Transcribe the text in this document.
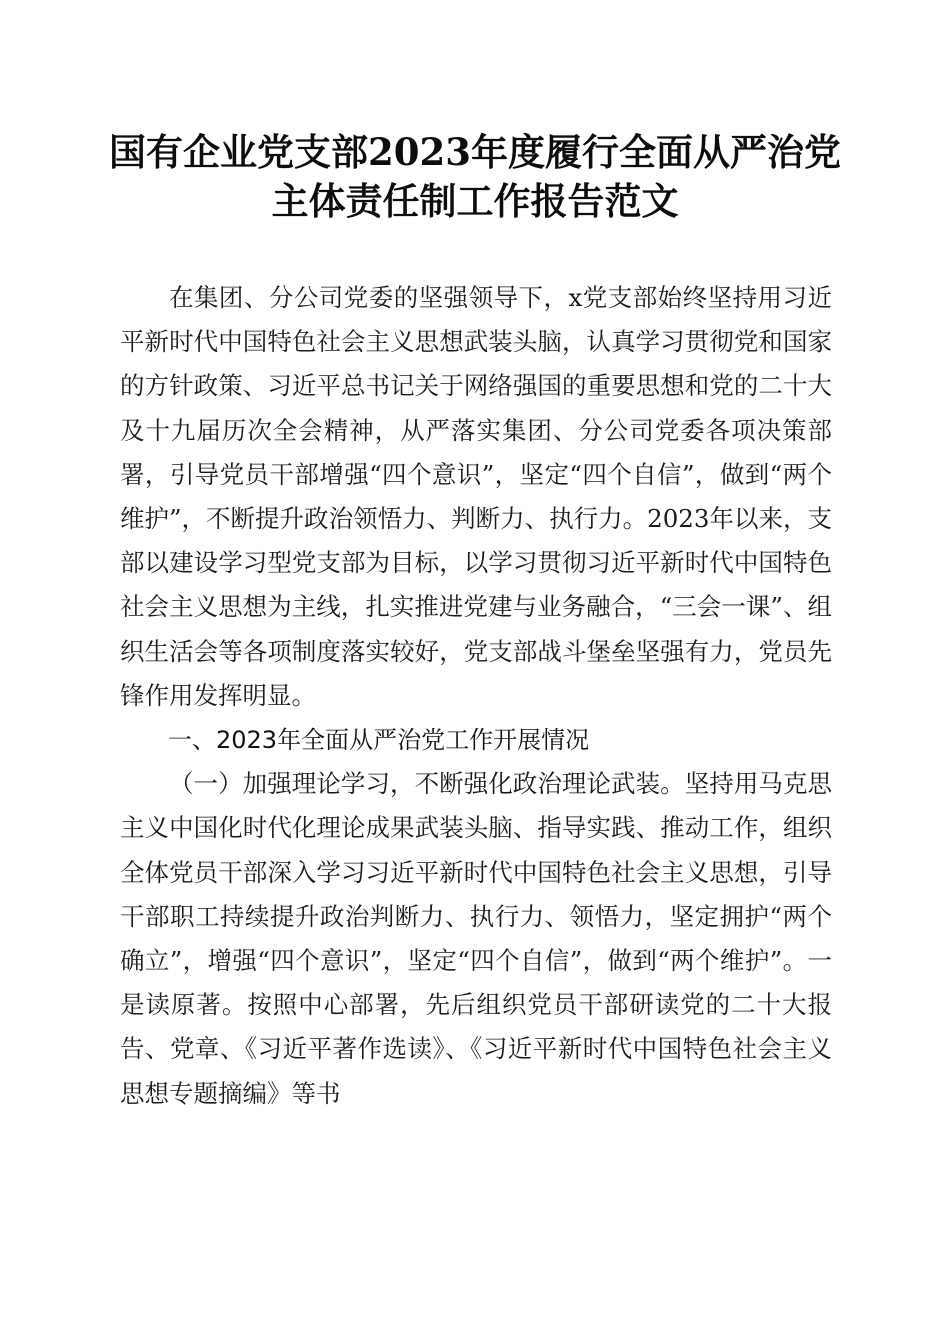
国有企业党支部2023年度履行全面从严治党
主体责任制工作报告范文

在集团、分公司党委的坚强领导下，x党支部始终坚持用习近平新时代中国特色社会主义思想武装头脑，认真学习贯彻党和国家的方针政策、习近平总书记关于网络强国的重要思想和党的二十大及十九届历次全会精神，从严落实集团、分公司党委各项决策部署，引导党员干部增强“四个意识”，坚定“四个自信”，做到“两个维护”，不断提升政治领悟力、判断力、执行力。2023年以来，支部以建设学习型党支部为目标，以学习贯彻习近平新时代中国特色社会主义思想为主线，扎实推进党建与业务融合，“三会一课”、组织生活会等各项制度落实较好，党支部战斗堡垒坚强有力，党员先锋作用发挥明显。

一、2023年全面从严治党工作开展情况

（一）加强理论学习，不断强化政治理论武装。坚持用马克思主义中国化时代化理论成果武装头脑、指导实践、推动工作，组织全体党员干部深入学习习近平新时代中国特色社会主义思想，引导干部职工持续提升政治判断力、执行力、领悟力，坚定拥护“两个确立”，增强“四个意识”，坚定“四个自信”，做到“两个维护”。一是读原著。按照中心部署，先后组织党员干部研读党的二十大报告、党章、《习近平著作选读》、《习近平新时代中国特色社会主义思想专题摘编》等书
